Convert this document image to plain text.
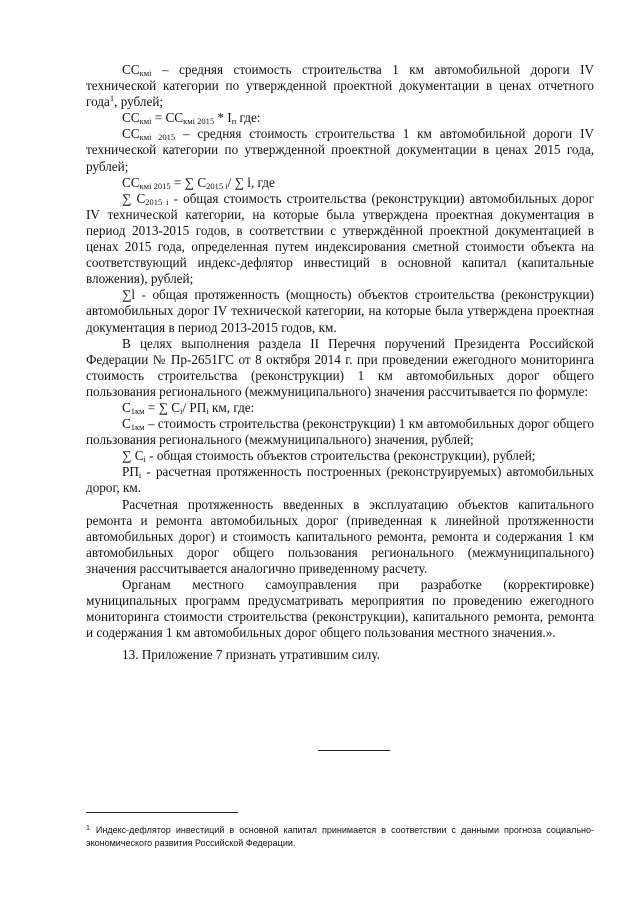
$СС_{кмi}$ – средняя стоимость строительства 1 км автомобильной дороги IV технической категории по утвержденной проектной документации в ценах отчетного года$^1$, рублей;

$СС_{кмi} = СС_{кмi 2015} * I_п$ где:

$СС_{кмi 2015}$ – средняя стоимость строительства 1 км автомобильной дороги IV технической категории по утвержденной проектной документации в ценах 2015 года, рублей;

$СС_{кмi 2015}$ = ∑ $С_{2015 i}/$ ∑ l, где

∑ $С_{2015 i}$ - общая стоимость строительства (реконструкции) автомобильных дорог IV технической категории, на которые была утверждена проектная документация в период 2013-2015 годов, в соответствии с утверждённой проектной документацией в ценах 2015 года, определенная путем индексирования сметной стоимости объекта на соответствующий индекс-дефлятор инвестиций в основной капитал (капитальные вложения), рублей;

∑l - общая протяженность (мощность) объектов строительства (реконструкции) автомобильных дорог IV технической категории, на которые была утверждена проектная документация в период 2013-2015 годов, км.

В целях выполнения раздела II Перечня поручений Президента Российской Федерации № Пр-2651ГС от 8 октября 2014 г. при проведении ежегодного мониторинга стоимость строительства (реконструкции) 1 км автомобильных дорог общего пользования регионального (межмуниципального) значения рассчитывается по формуле:

$С_{1км}$ = ∑ $С_i/$ $РП_i$ км, где:

$С_{1км}$ – стоимость строительства (реконструкции) 1 км автомобильных дорог общего пользования регионального (межмуниципального) значения, рублей;

∑ $С_i$ - общая стоимость объектов строительства (реконструкции), рублей;

$РП_i$ - расчетная протяженность построенных (реконструируемых) автомобильных дорог, км.

Расчетная протяженность введенных в эксплуатацию объектов капитального ремонта и ремонта автомобильных дорог (приведенная к линейной протяженности автомобильных дорог) и стоимость капитального ремонта, ремонта и содержания 1 км автомобильных дорог общего пользования регионального (межмуниципального) значения рассчитывается аналогично приведенному расчету.

Органам местного самоуправления при разработке (корректировке) муниципальных программ предусматривать мероприятия по проведению ежегодного мониторинга стоимости строительства (реконструкции), капитального ремонта, ремонта и содержания 1 км автомобильных дорог общего пользования местного значения.».

13. Приложение 7 признать утратившим силу.

$^1$ Индекс-дефлятор инвестиций в основной капитал принимается в соответствии с данными прогноза социально-экономического развития Российской Федерации.
